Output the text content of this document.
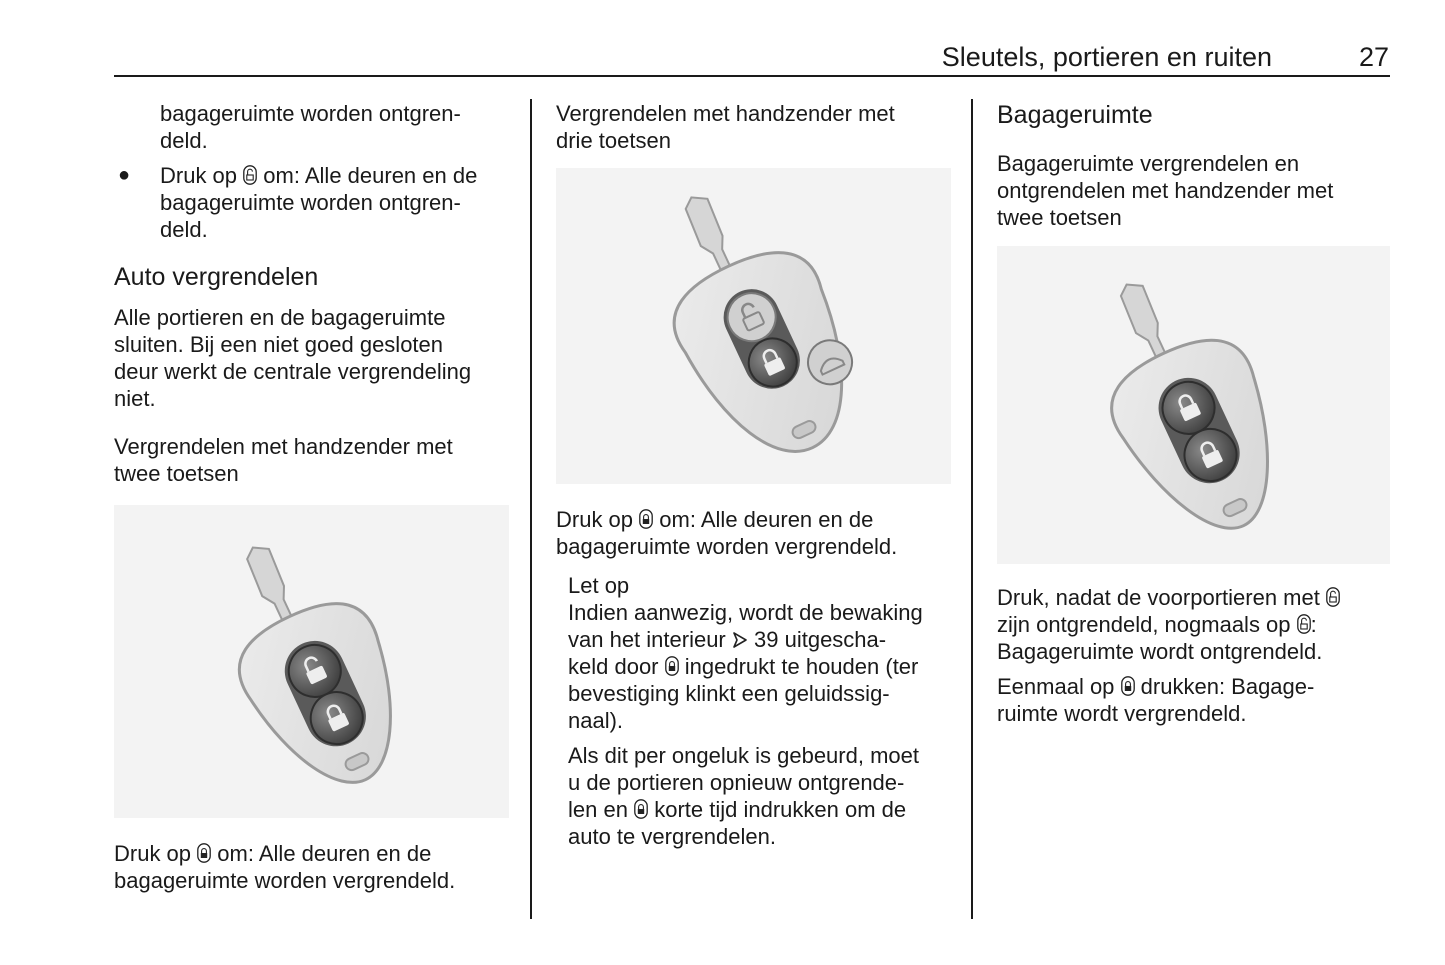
Sleutels, portieren en ruiten	27

bagageruimte worden ontgren-

deld.

●	Druk op om: Alle deuren en de

bagageruimte worden ontgren-

deld.

Auto vergrendelen

Alle portieren en de bagageruimte

sluiten. Bij een niet goed gesloten

deur werkt de centrale vergrendeling

niet.

Vergrendelen met handzender met

twee toetsen

Druk op om: Alle deuren en de

bagageruimte worden vergrendeld.

Vergrendelen met handzender met

drie toetsen

Druk op om: Alle deuren en de

bagageruimte worden vergrendeld.

Let op

Indien aanwezig, wordt de bewaking

van het interieur 39 uitgescha-

keld door ingedrukt te houden (ter

bevestiging klinkt een geluidssig-

naal).

Als dit per ongeluk is gebeurd, moet

u de portieren opnieuw ontgrende-

len en korte tijd indrukken om de

auto te vergrendelen.

Bagageruimte

Bagageruimte vergrendelen en

ontgrendelen met handzender met

twee toetsen

Druk, nadat de voorportieren met

zijn ontgrendeld, nogmaals op :

Bagageruimte wordt ontgrendeld.

Eenmaal op drukken: Bagage-

ruimte wordt vergrendeld.
